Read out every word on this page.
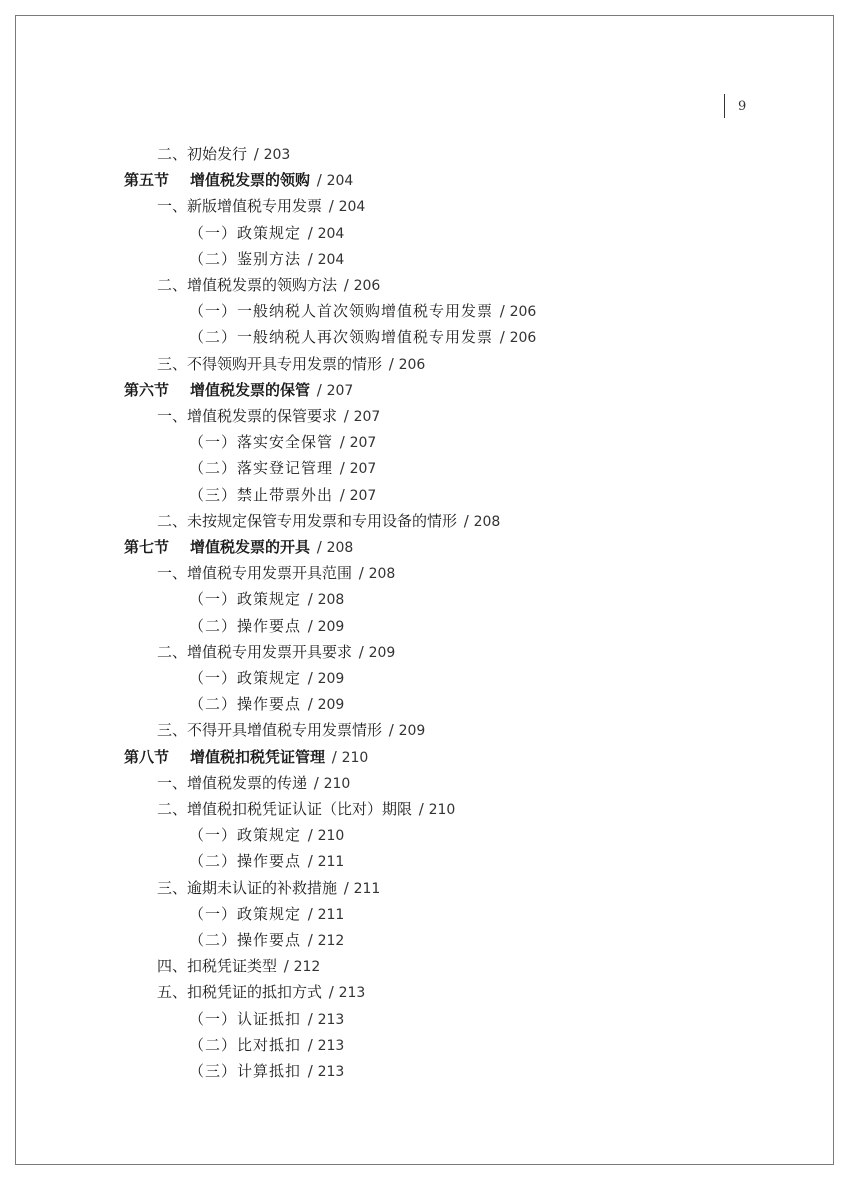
9
二、初始发行 / 203
第五节 增值税发票的领购 / 204
一、新版增值税专用发票 / 204
（一）政策规定 / 204
（二）鉴别方法 / 204
二、增值税发票的领购方法 / 206
（一）一般纳税人首次领购增值税专用发票 / 206
（二）一般纳税人再次领购增值税专用发票 / 206
三、不得领购开具专用发票的情形 / 206
第六节 增值税发票的保管 / 207
一、增值税发票的保管要求 / 207
（一）落实安全保管 / 207
（二）落实登记管理 / 207
（三）禁止带票外出 / 207
二、未按规定保管专用发票和专用设备的情形 / 208
第七节 增值税发票的开具 / 208
一、增值税专用发票开具范围 / 208
（一）政策规定 / 208
（二）操作要点 / 209
二、增值税专用发票开具要求 / 209
（一）政策规定 / 209
（二）操作要点 / 209
三、不得开具增值税专用发票情形 / 209
第八节 增值税扣税凭证管理 / 210
一、增值税发票的传递 / 210
二、增值税扣税凭证认证（比对）期限 / 210
（一）政策规定 / 210
（二）操作要点 / 211
三、逾期未认证的补救措施 / 211
（一）政策规定 / 211
（二）操作要点 / 212
四、扣税凭证类型 / 212
五、扣税凭证的抵扣方式 / 213
（一）认证抵扣 / 213
（二）比对抵扣 / 213
（三）计算抵扣 / 213
